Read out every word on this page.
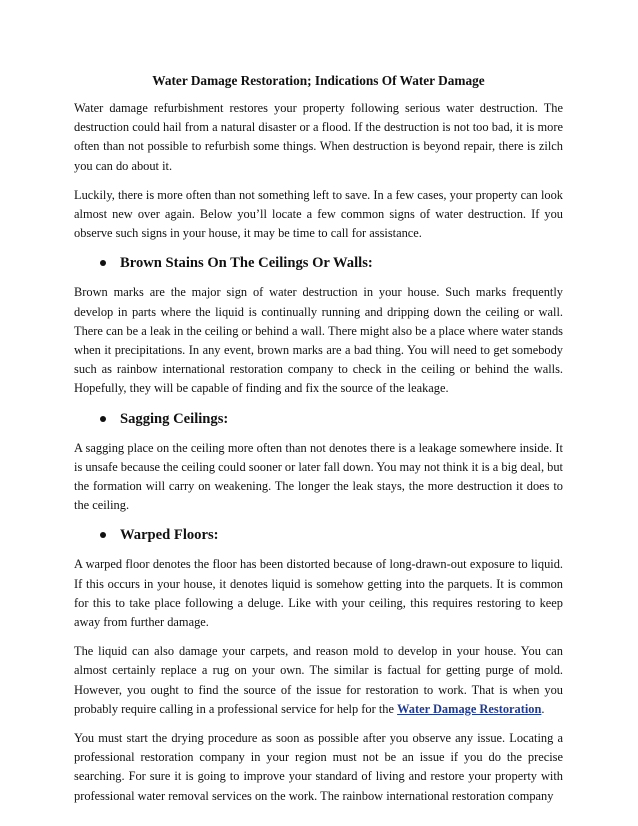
Water Damage Restoration; Indications Of Water Damage

Water damage refurbishment restores your property following serious water destruction. The destruction could hail from a natural disaster or a flood. If the destruction is not too bad, it is more often than not possible to refurbish some things. When destruction is beyond repair, there is zilch you can do about it.

Luckily, there is more often than not something left to save. In a few cases, your property can look almost new over again. Below you’ll locate a few common signs of water destruction. If you observe such signs in your house, it may be time to call for assistance.

Brown Stains On The Ceilings Or Walls:

Brown marks are the major sign of water destruction in your house. Such marks frequently develop in parts where the liquid is continually running and dripping down the ceiling or wall. There can be a leak in the ceiling or behind a wall. There might also be a place where water stands when it precipitations. In any event, brown marks are a bad thing. You will need to get somebody such as rainbow international restoration company to check in the ceiling or behind the walls. Hopefully, they will be capable of finding and fix the source of the leakage.

Sagging Ceilings:

A sagging place on the ceiling more often than not denotes there is a leakage somewhere inside. It is unsafe because the ceiling could sooner or later fall down. You may not think it is a big deal, but the formation will carry on weakening. The longer the leak stays, the more destruction it does to the ceiling.

Warped Floors:

A warped floor denotes the floor has been distorted because of long-drawn-out exposure to liquid. If this occurs in your house, it denotes liquid is somehow getting into the parquets. It is common for this to take place following a deluge. Like with your ceiling, this requires restoring to keep away from further damage.

The liquid can also damage your carpets, and reason mold to develop in your house. You can almost certainly replace a rug on your own. The similar is factual for getting purge of mold. However, you ought to find the source of the issue for restoration to work. That is when you probably require calling in a professional service for help for the Water Damage Restoration.

You must start the drying procedure as soon as possible after you observe any issue. Locating a professional restoration company in your region must not be an issue if you do the precise searching. For sure it is going to improve your standard of living and restore your property with professional water removal services on the work. The rainbow international restoration company
